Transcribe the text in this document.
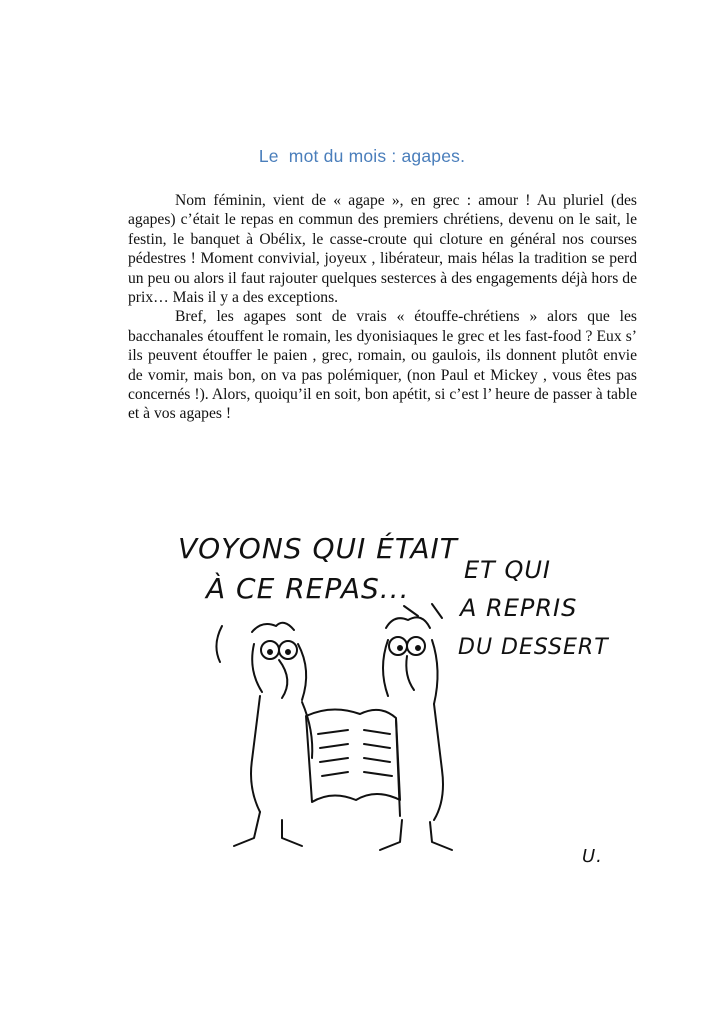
Le  mot du mois : agapes.

Nom féminin, vient de « agape », en grec : amour ! Au pluriel (des agapes) c’était le repas en commun des premiers chrétiens, devenu on le sait, le festin, le banquet à Obélix, le casse-croute qui cloture en général nos courses pédestres ! Moment convivial, joyeux , libérateur, mais hélas la tradition se perd un peu ou alors il faut rajouter quelques sesterces à des engagements déjà hors de prix… Mais il y a des exceptions.

Bref, les agapes sont de vrais « étouffe-chrétiens » alors que les bacchanales étouffent le romain, les dyonisiaques le grec et les fast-food ? Eux s’ ils peuvent étouffer le paien , grec, romain, ou gaulois, ils donnent plutôt envie de vomir, mais bon, on va pas polémiquer, (non Paul et Mickey , vous êtes pas concernés !). Alors, quoiqu’il en soit, bon apétit, si c’est l’ heure de passer à table et à vos agapes !

VOYONS QUI ÉTAIT
À CE REPAS...
ET QUI
A REPRIS
DU DESSERT
U.
